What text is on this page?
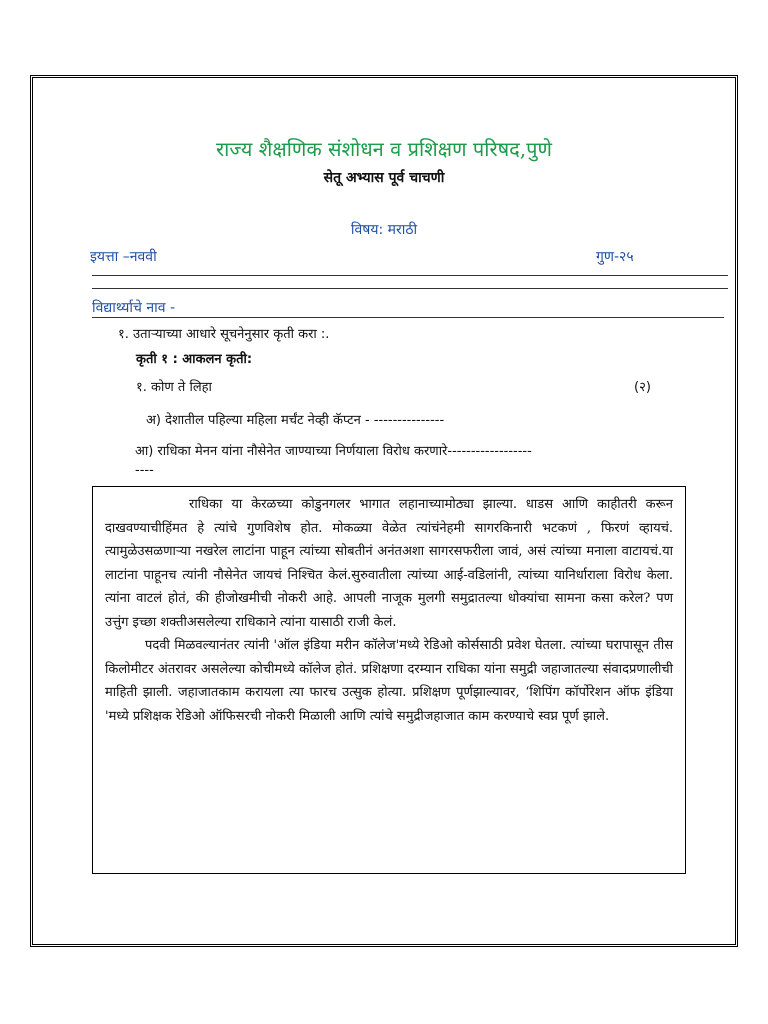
राज्य शैक्षणिक संशोधन व प्रशिक्षण परिषद,पुणे
सेतू अभ्यास पूर्व चाचणी
विषय: मराठी
इयत्ता –नववी	गुण-२५
विद्यार्थ्याचे नाव -
१. उताऱ्याच्या आधारे सूचनेनुसार कृती करा :.
कृती १ : आकलन कृती:
१. कोण ते लिहा	(२)
अ) देशातील पहिल्या महिला मर्चंट नेव्ही कॅप्टन - ---------------
आ) राधिका मेनन यांना नौसेनेत जाण्याच्या निर्णयाला विरोध करणारे------------------
----

राधिका या केरळच्या कोडुनगलर भागात लहानाच्यामोठ्या झाल्या. धाडस आणि काहीतरी करून दाखवण्याचीहिंमत हे त्यांचे गुणविशेष होत. मोकळ्या वेळेत त्यांचंनेहमी सागरकिनारी भटकणं , फिरणं व्हायचं. त्यामुळेउसळणाऱ्या नखरेल लाटांना पाहून त्यांच्या सोबतीनं अनंतअशा सागरसफरीला जावं, असं त्यांच्या मनाला वाटायचं.या लाटांना पाहूनच त्यांनी नौसेनेत जायचं निश्चित केलं.सुरुवातीला त्यांच्या आई-वडिलांनी, त्यांच्या यानिर्धाराला विरोध केला. त्यांना वाटलं होतं, की हीजोखमीची नोकरी आहे. आपली नाजूक मुलगी समुद्रातल्या धोक्यांचा सामना कसा करेल? पण उत्तुंग इच्छा शक्तीअसलेल्या राधिकाने त्यांना यासाठी राजी केलं.

पदवी मिळवल्यानंतर त्यांनी 'ऑल इंडिया मरीन कॉलेज'मध्ये रेडिओ कोर्ससाठी प्रवेश घेतला. त्यांच्या घरापासून तीस किलोमीटर अंतरावर असलेल्या कोचीमध्ये कॉलेज होतं. प्रशिक्षणा दरम्यान राधिका यांना समुद्री जहाजातल्या संवादप्रणालीची माहिती झाली. जहाजातकाम करायला त्या फारच उत्सुक होत्या. प्रशिक्षण पूर्णझाल्यावर, ‘शिपिंग कॉर्पोरेशन ऑफ इंडिया 'मध्ये प्रशिक्षक रेडिओ ऑफिसरची नोकरी मिळाली आणि त्यांचे समुद्रीजहाजात काम करण्याचे स्वप्न पूर्ण झाले.
